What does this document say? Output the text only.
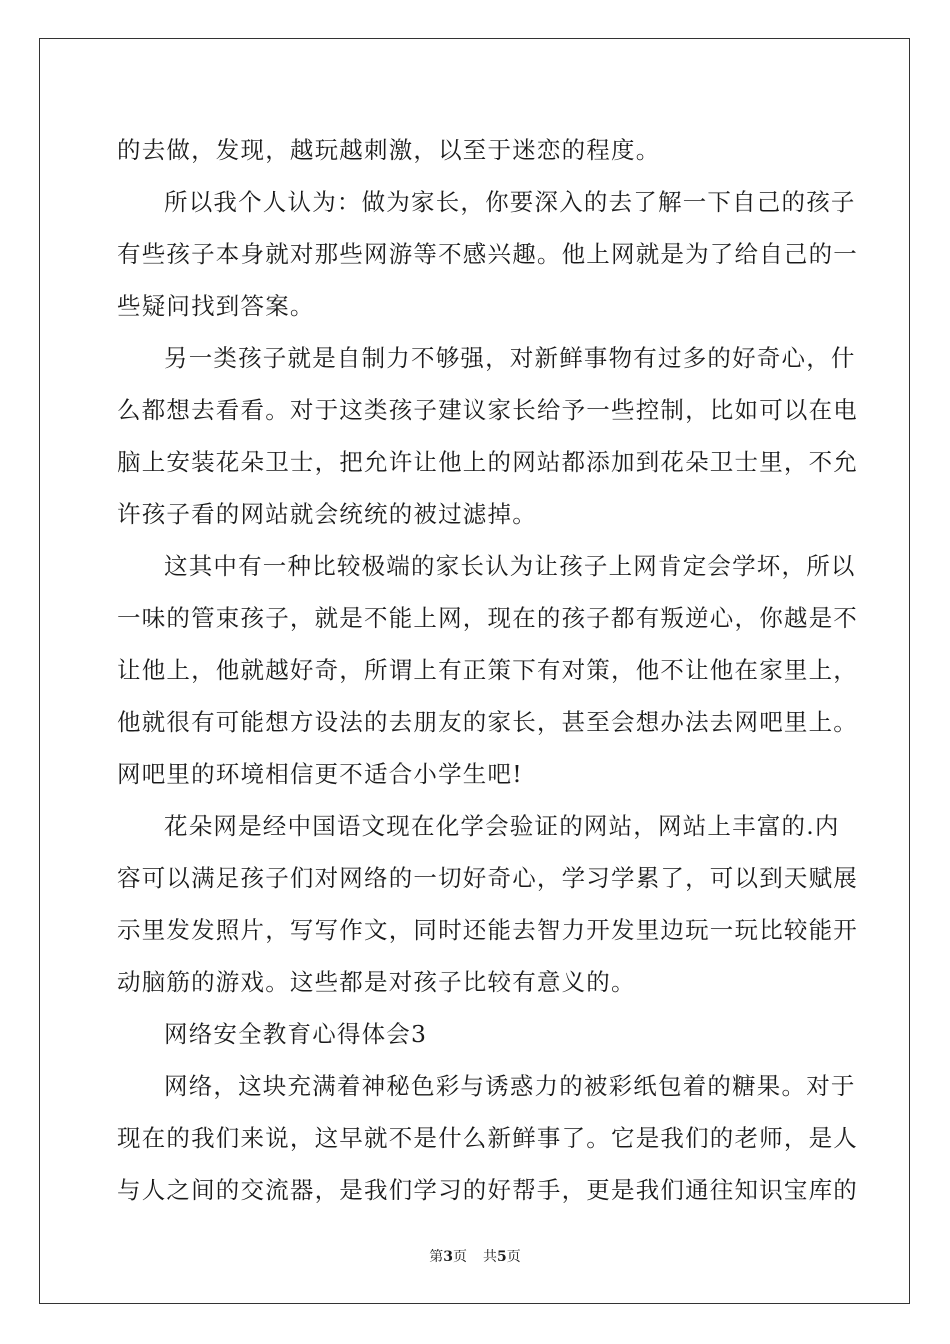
的去做，发现，越玩越刺激，以至于迷恋的程度。
所以我个人认为：做为家长，你要深入的去了解一下自己的孩子
有些孩子本身就对那些网游等不感兴趣。他上网就是为了给自己的一
些疑问找到答案。
另一类孩子就是自制力不够强，对新鲜事物有过多的好奇心，什
么都想去看看。对于这类孩子建议家长给予一些控制，比如可以在电
脑上安装花朵卫士，把允许让他上的网站都添加到花朵卫士里，不允
许孩子看的网站就会统统的被过滤掉。
这其中有一种比较极端的家长认为让孩子上网肯定会学坏，所以
一味的管束孩子，就是不能上网，现在的孩子都有叛逆心，你越是不
让他上，他就越好奇，所谓上有正策下有对策，他不让他在家里上，
他就很有可能想方设法的去朋友的家长，甚至会想办法去网吧里上。
网吧里的环境相信更不适合小学生吧!
花朵网是经中国语文现在化学会验证的网站，网站上丰富的.内
容可以满足孩子们对网络的一切好奇心，学习学累了，可以到天赋展
示里发发照片，写写作文，同时还能去智力开发里边玩一玩比较能开
动脑筋的游戏。这些都是对孩子比较有意义的。
网络安全教育心得体会3
网络，这块充满着神秘色彩与诱惑力的被彩纸包着的糖果。对于
现在的我们来说，这早就不是什么新鲜事了。它是我们的老师，是人
与人之间的交流器，是我们学习的好帮手，更是我们通往知识宝库的
第3页 共5页
